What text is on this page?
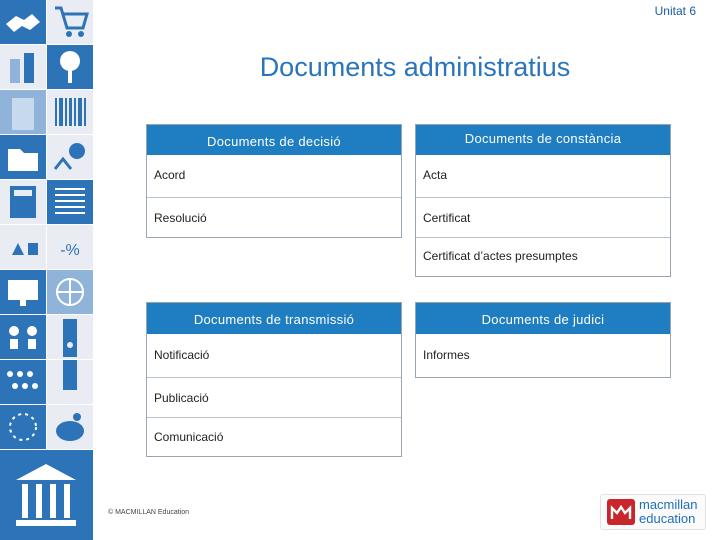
-%
Unitat 6
Documents administratius
Documents de decisió
Acord
Resolució
Documents de constància
Acta
Certificat
Certificat d’actes presumptes
Documents de transmissió
Notificació
Publicació
Comunicació
Documents de judici
Informes
© MACMILLAN Education
macmillan
education
